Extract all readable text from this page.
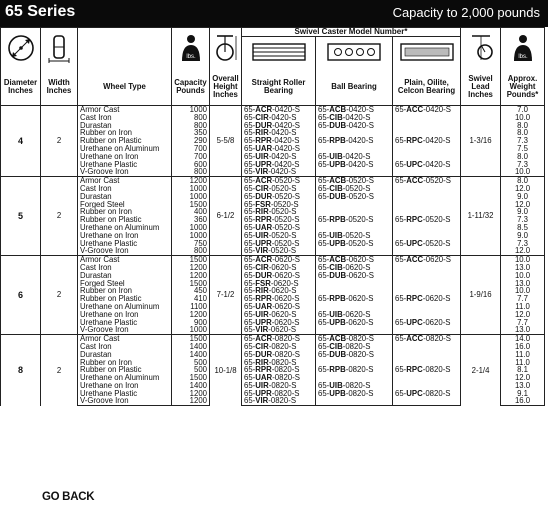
65 Series	Capacity to 2,000 pounds

lbs.		Swivel Caster Model Number*				lbs.

Diameter Inches	Width Inches	Wheel Type	Capacity Pounds	Overall Height Inches	Straight Roller Bearing	Ball Bearing	Plain, Oilite, Celcon Bearing	Swivel Lead Inches	Approx. Weight Pounds*
4	2	Armor Cast	1000	5-5/8	65-ACR-0420-S	65-ACB-0420-S	65-ACC-0420-S	1-3/16	7.0
		Cast Iron	800		65-CIR-0420-S	65-CIB-0420-S			10.0
		Durastan	800		65-DUR-0420-S	65-DUB-0420-S			8.0
		Rubber on Iron	350		65-RIR-0420-S				8.0
		Rubber on Plastic	290		65-RPR-0420-S	65-RPB-0420-S	65-RPC-0420-S		7.3
		Urethane on Aluminum	700		65-UAR-0420-S				7.5
		Urethane on Iron	700		65-UIR-0420-S	65-UIB-0420-S			8.0
		Urethane Plastic	600		65-UPR-0420-S	65-UPB-0420-S	65-UPC-0420-S		7.3
		V-Groove Iron	800		65-VIR-0420-S				10.0
5	2	Armor Cast	1200	6-1/2	65-ACR-0520-S	65-ACB-0520-S	65-ACC-0520-S	1-11/32	8.0
		Cast Iron	1000		65-CIR-0520-S	65-CIB-0520-S			12.0
		Durastan	1000		65-DUR-0520-S	65-DUB-0520-S			9.0
		Forged Steel	1500		65-FSR-0520-S				12.0
		Rubber on Iron	400		65-RIR-0520-S				9.0
		Rubber on Plastic	360		65-RPR-0520-S	65-RPB-0520-S	65-RPC-0520-S		7.3
		Urethane on Aluminum	1000		65-UAR-0520-S				8.5
		Urethane on Iron	1000		65-UIR-0520-S	65-UIB-0520-S			9.0
		Urethane Plastic	750		65-UPR-0520-S	65-UPB-0520-S	65-UPC-0520-S		7.3
		V-Groove Iron	800		65-VIR-0520-S				12.0
6	2	Armor Cast	1500	7-1/2	65-ACR-0620-S	65-ACB-0620-S	65-ACC-0620-S	1-9/16	10.0
		Cast Iron	1200		65-CIR-0620-S	65-CIB-0620-S			13.0
		Durastan	1200		65-DUR-0620-S	65-DUB-0620-S			10.0
		Forged Steel	1500		65-FSR-0620-S				13.0
		Rubber on Iron	450		65-RIR-0620-S				10.0
		Rubber on Plastic	410		65-RPR-0620-S	65-RPB-0620-S	65-RPC-0620-S		7.7
		Urethane on Aluminum	1100		65-UAR-0620-S				11.0
		Urethane on Iron	1200		65-UIR-0620-S	65-UIB-0620-S			12.0
		Urethane Plastic	900		65-UPR-0620-S	65-UPB-0620-S	65-UPC-0620-S		7.7
		V-Groove Iron	1000		65-VIR-0620-S				13.0
8	2	Armor Cast	1500	10-1/8	65-ACR-0820-S	65-ACB-0820-S	65-ACC-0820-S	2-1/4	14.0
		Cast Iron	1400		65-CIR-0820-S	65-CIB-0820-S			16.0
		Durastan	1400		65-DUR-0820-S	65-DUB-0820-S			11.0
		Rubber on Iron	500		65-RIR-0820-S				11.0
		Rubber on Plastic	500		65-RPR-0820-S	65-RPB-0820-S	65-RPC-0820-S		8.1
		Urethane on Aluminum	1500		65-UAR-0820-S				12.0
		Urethane on Iron	1400		65-UIR-0820-S	65-UIB-0820-S			13.0
		Urethane Plastic	1200		65-UPR-0820-S	65-UPB-0820-S	65-UPC-0820-S		9.1
		V-Groove Iron	1200		65-VIR-0820-S				16.0
GO BACK
